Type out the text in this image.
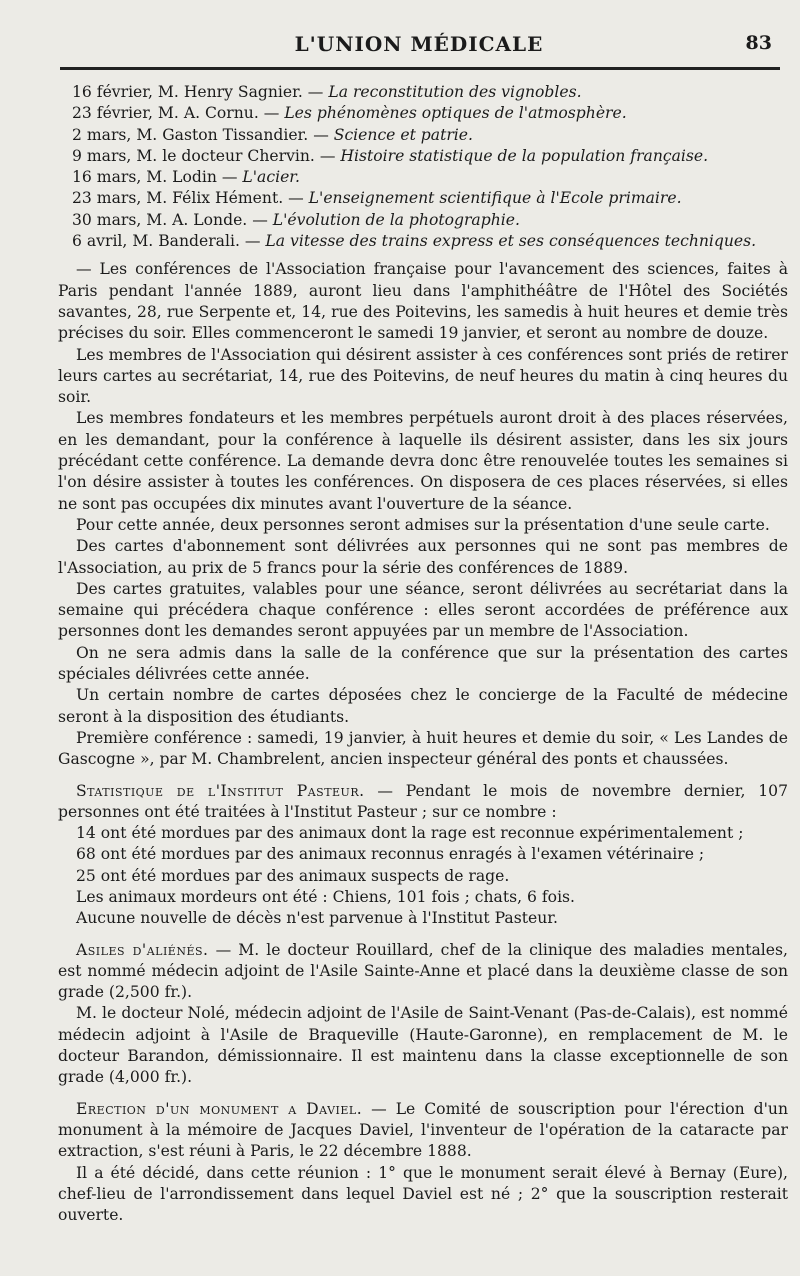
L'UNION MÉDICALE	83
16 février, M. Henry Sagnier. — La reconstitution des vignobles.
23 février, M. A. Cornu. — Les phénomènes optiques de l'atmosphère.
2 mars, M. Gaston Tissandier. — Science et patrie.
9 mars, M. le docteur Chervin. — Histoire statistique de la population française.
16 mars, M. Lodin — L'acier.
23 mars, M. Félix Hément. — L'enseignement scientifique à l'Ecole primaire.
30 mars, M. A. Londe. — L'évolution de la photographie.
6 avril, M. Banderali. — La vitesse des trains express et ses conséquences techniques.

— Les conférences de l'Association française pour l'avancement des sciences, faites à Paris pendant l'année 1889, auront lieu dans l'amphithéâtre de l'Hôtel des Sociétés savantes, 28, rue Serpente et, 14, rue des Poitevins, les samedis à huit heures et demie très précises du soir. Elles commenceront le samedi 19 janvier, et seront au nombre de douze.

Les membres de l'Association qui désirent assister à ces conférences sont priés de retirer leurs cartes au secrétariat, 14, rue des Poitevins, de neuf heures du matin à cinq heures du soir.

Les membres fondateurs et les membres perpétuels auront droit à des places réservées, en les demandant, pour la conférence à laquelle ils désirent assister, dans les six jours précédant cette conférence. La demande devra donc être renouvelée toutes les semaines si l'on désire assister à toutes les conférences. On disposera de ces places réservées, si elles ne sont pas occupées dix minutes avant l'ouverture de la séance.

Pour cette année, deux personnes seront admises sur la présentation d'une seule carte.

Des cartes d'abonnement sont délivrées aux personnes qui ne sont pas membres de l'Association, au prix de 5 francs pour la série des conférences de 1889.

Des cartes gratuites, valables pour une séance, seront délivrées au secrétariat dans la semaine qui précédera chaque conférence : elles seront accordées de préférence aux personnes dont les demandes seront appuyées par un membre de l'Association.

On ne sera admis dans la salle de la conférence que sur la présentation des cartes spéciales délivrées cette année.

Un certain nombre de cartes déposées chez le concierge de la Faculté de médecine seront à la disposition des étudiants.

Première conférence : samedi, 19 janvier, à huit heures et demie du soir, « Les Landes de Gascogne », par M. Chambrelent, ancien inspecteur général des ponts et chaussées.

Statistique de l'Institut Pasteur. — Pendant le mois de novembre dernier, 107 personnes ont été traitées à l'Institut Pasteur ; sur ce nombre :

14 ont été mordues par des animaux dont la rage est reconnue expérimentalement ;
68 ont été mordues par des animaux reconnus enragés à l'examen vétérinaire ;
25 ont été mordues par des animaux suspects de rage.
Les animaux mordeurs ont été : Chiens, 101 fois ; chats, 6 fois.
Aucune nouvelle de décès n'est parvenue à l'Institut Pasteur.

Asiles d'aliénés. — M. le docteur Rouillard, chef de la clinique des maladies mentales, est nommé médecin adjoint de l'Asile Sainte-Anne et placé dans la deuxième classe de son grade (2,500 fr.).

M. le docteur Nolé, médecin adjoint de l'Asile de Saint-Venant (Pas-de-Calais), est nommé médecin adjoint à l'Asile de Braqueville (Haute-Garonne), en remplacement de M. le docteur Barandon, démissionnaire. Il est maintenu dans la classe exceptionnelle de son grade (4,000 fr.).

Erection d'un monument a Daviel. — Le Comité de souscription pour l'érection d'un monument à la mémoire de Jacques Daviel, l'inventeur de l'opération de la cataracte par extraction, s'est réuni à Paris, le 22 décembre 1888.

Il a été décidé, dans cette réunion : 1° que le monument serait élevé à Bernay (Eure), chef-lieu de l'arrondissement dans lequel Daviel est né ; 2° que la souscription resterait ouverte.
